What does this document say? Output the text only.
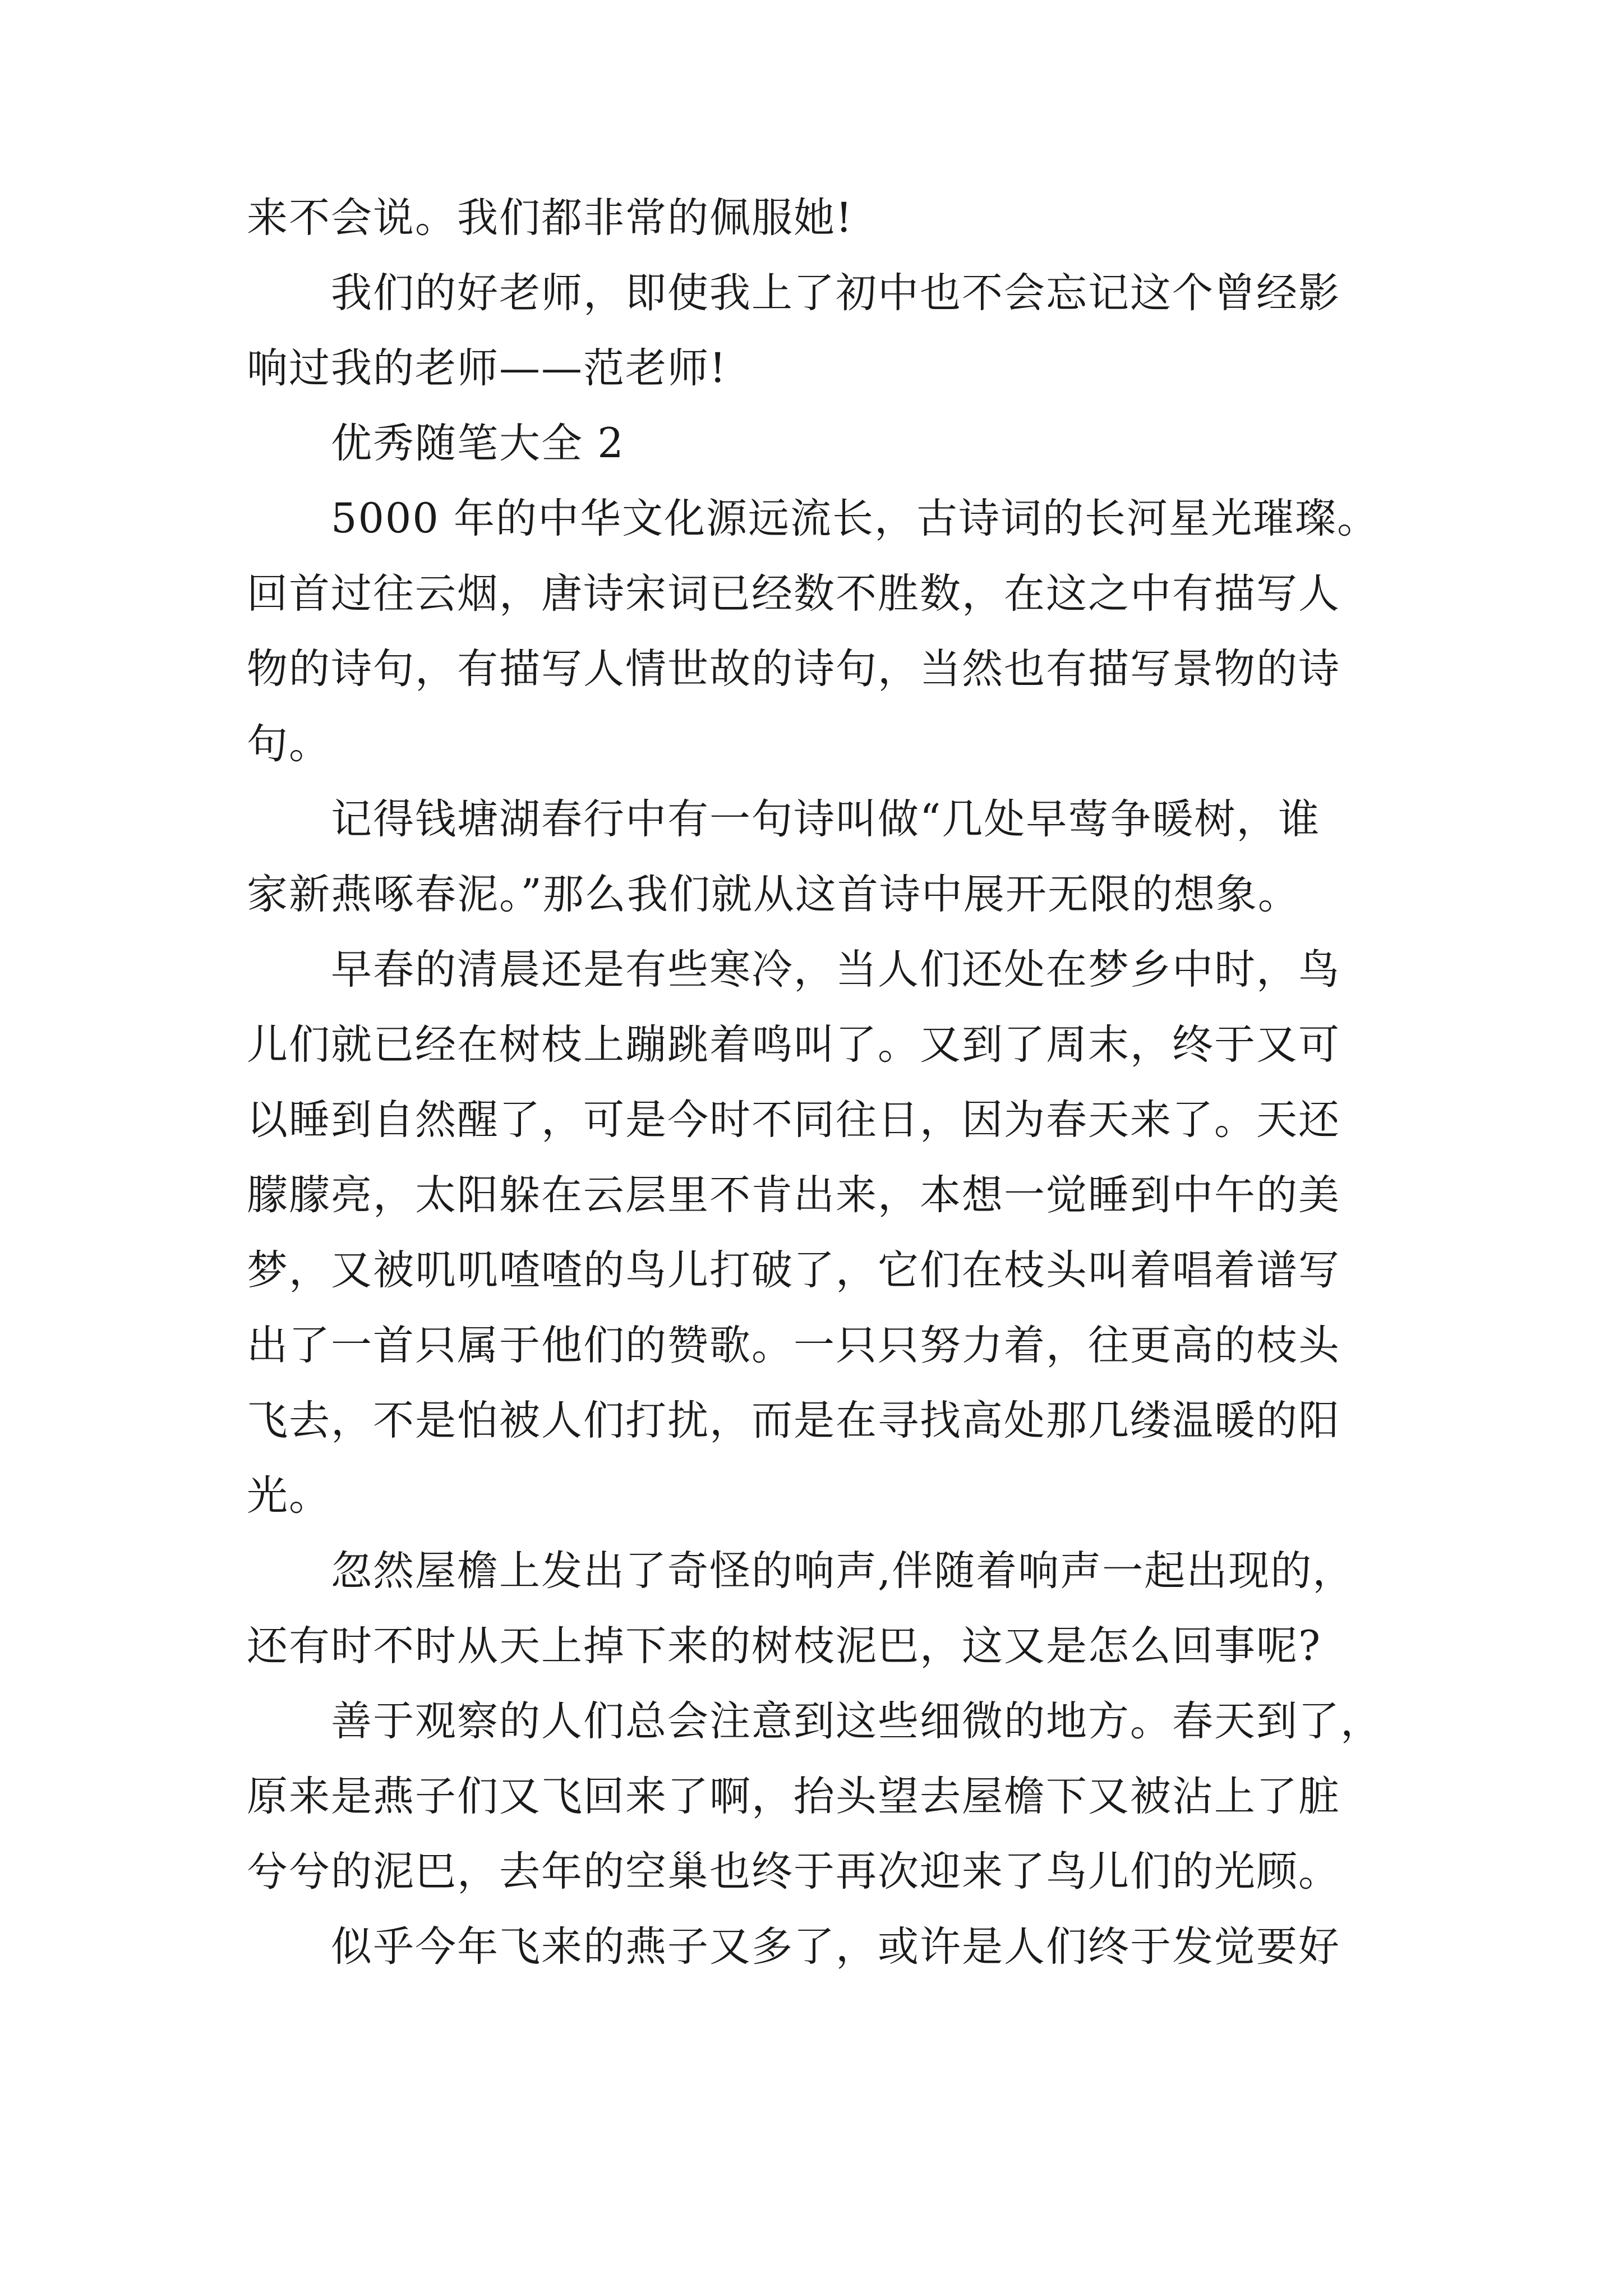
来不会说。我们都非常的佩服她!
我们的好老师，即使我上了初中也不会忘记这个曾经影
响过我的老师——范老师!
优秀随笔大全 2
5000 年的中华文化源远流长，古诗词的长河星光璀璨。
回首过往云烟，唐诗宋词已经数不胜数，在这之中有描写人
物的诗句，有描写人情世故的诗句，当然也有描写景物的诗
句。
记得钱塘湖春行中有一句诗叫做“几处早莺争暖树，谁
家新燕啄春泥。”那么我们就从这首诗中展开无限的想象。
早春的清晨还是有些寒冷，当人们还处在梦乡中时，鸟
儿们就已经在树枝上蹦跳着鸣叫了。又到了周末，终于又可
以睡到自然醒了，可是今时不同往日，因为春天来了。天还
朦朦亮，太阳躲在云层里不肯出来，本想一觉睡到中午的美
梦，又被叽叽喳喳的鸟儿打破了，它们在枝头叫着唱着谱写
出了一首只属于他们的赞歌。一只只努力着，往更高的枝头
飞去，不是怕被人们打扰，而是在寻找高处那几缕温暖的阳
光。
忽然屋檐上发出了奇怪的响声,伴随着响声一起出现的，
还有时不时从天上掉下来的树枝泥巴，这又是怎么回事呢?
善于观察的人们总会注意到这些细微的地方。春天到了，
原来是燕子们又飞回来了啊，抬头望去屋檐下又被沾上了脏
兮兮的泥巴，去年的空巢也终于再次迎来了鸟儿们的光顾。
似乎今年飞来的燕子又多了，或许是人们终于发觉要好
